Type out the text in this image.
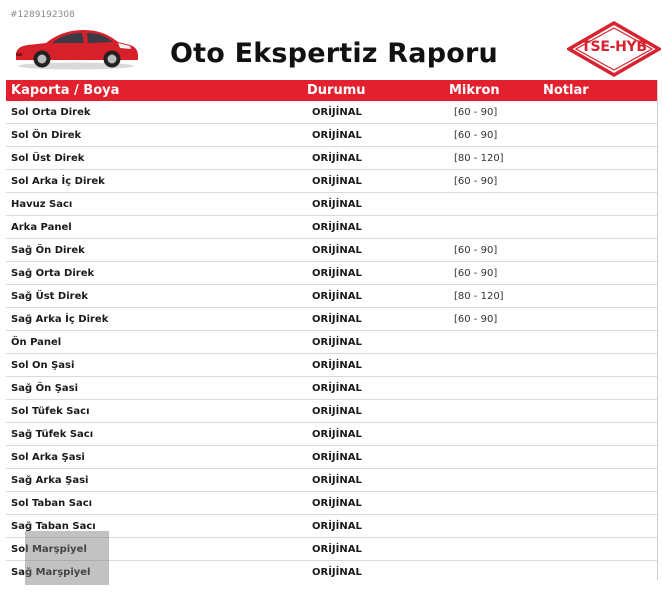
#1289192308
Oto Ekspertiz Raporu	TSE-HYB
Kaporta / Boya	Durumu	Mikron	Notlar
Sol Orta Direk	ORİJİNAL	[60 - 90]
Sol Ön Direk	ORİJİNAL	[60 - 90]
Sol Üst Direk	ORİJİNAL	[80 - 120]
Sol Arka İç Direk	ORİJİNAL	[60 - 90]
Havuz Sacı	ORİJİNAL
Arka Panel	ORİJİNAL
Sağ Ön Direk	ORİJİNAL	[60 - 90]
Sağ Orta Direk	ORİJİNAL	[60 - 90]
Sağ Üst Direk	ORİJİNAL	[80 - 120]
Sağ Arka İç Direk	ORİJİNAL	[60 - 90]
Ön Panel	ORİJİNAL
Sol On Şasi	ORİJİNAL
Sağ Ön Şasi	ORİJİNAL
Sol Tüfek Sacı	ORİJİNAL
Sağ Tüfek Sacı	ORİJİNAL
Sol Arka Şasi	ORİJİNAL
Sağ Arka Şasi	ORİJİNAL
Sol Taban Sacı	ORİJİNAL
Sağ Taban Sacı	ORİJİNAL
Sol Marşpiyel	ORİJİNAL
Sağ Marşpiyel	ORİJİNAL
